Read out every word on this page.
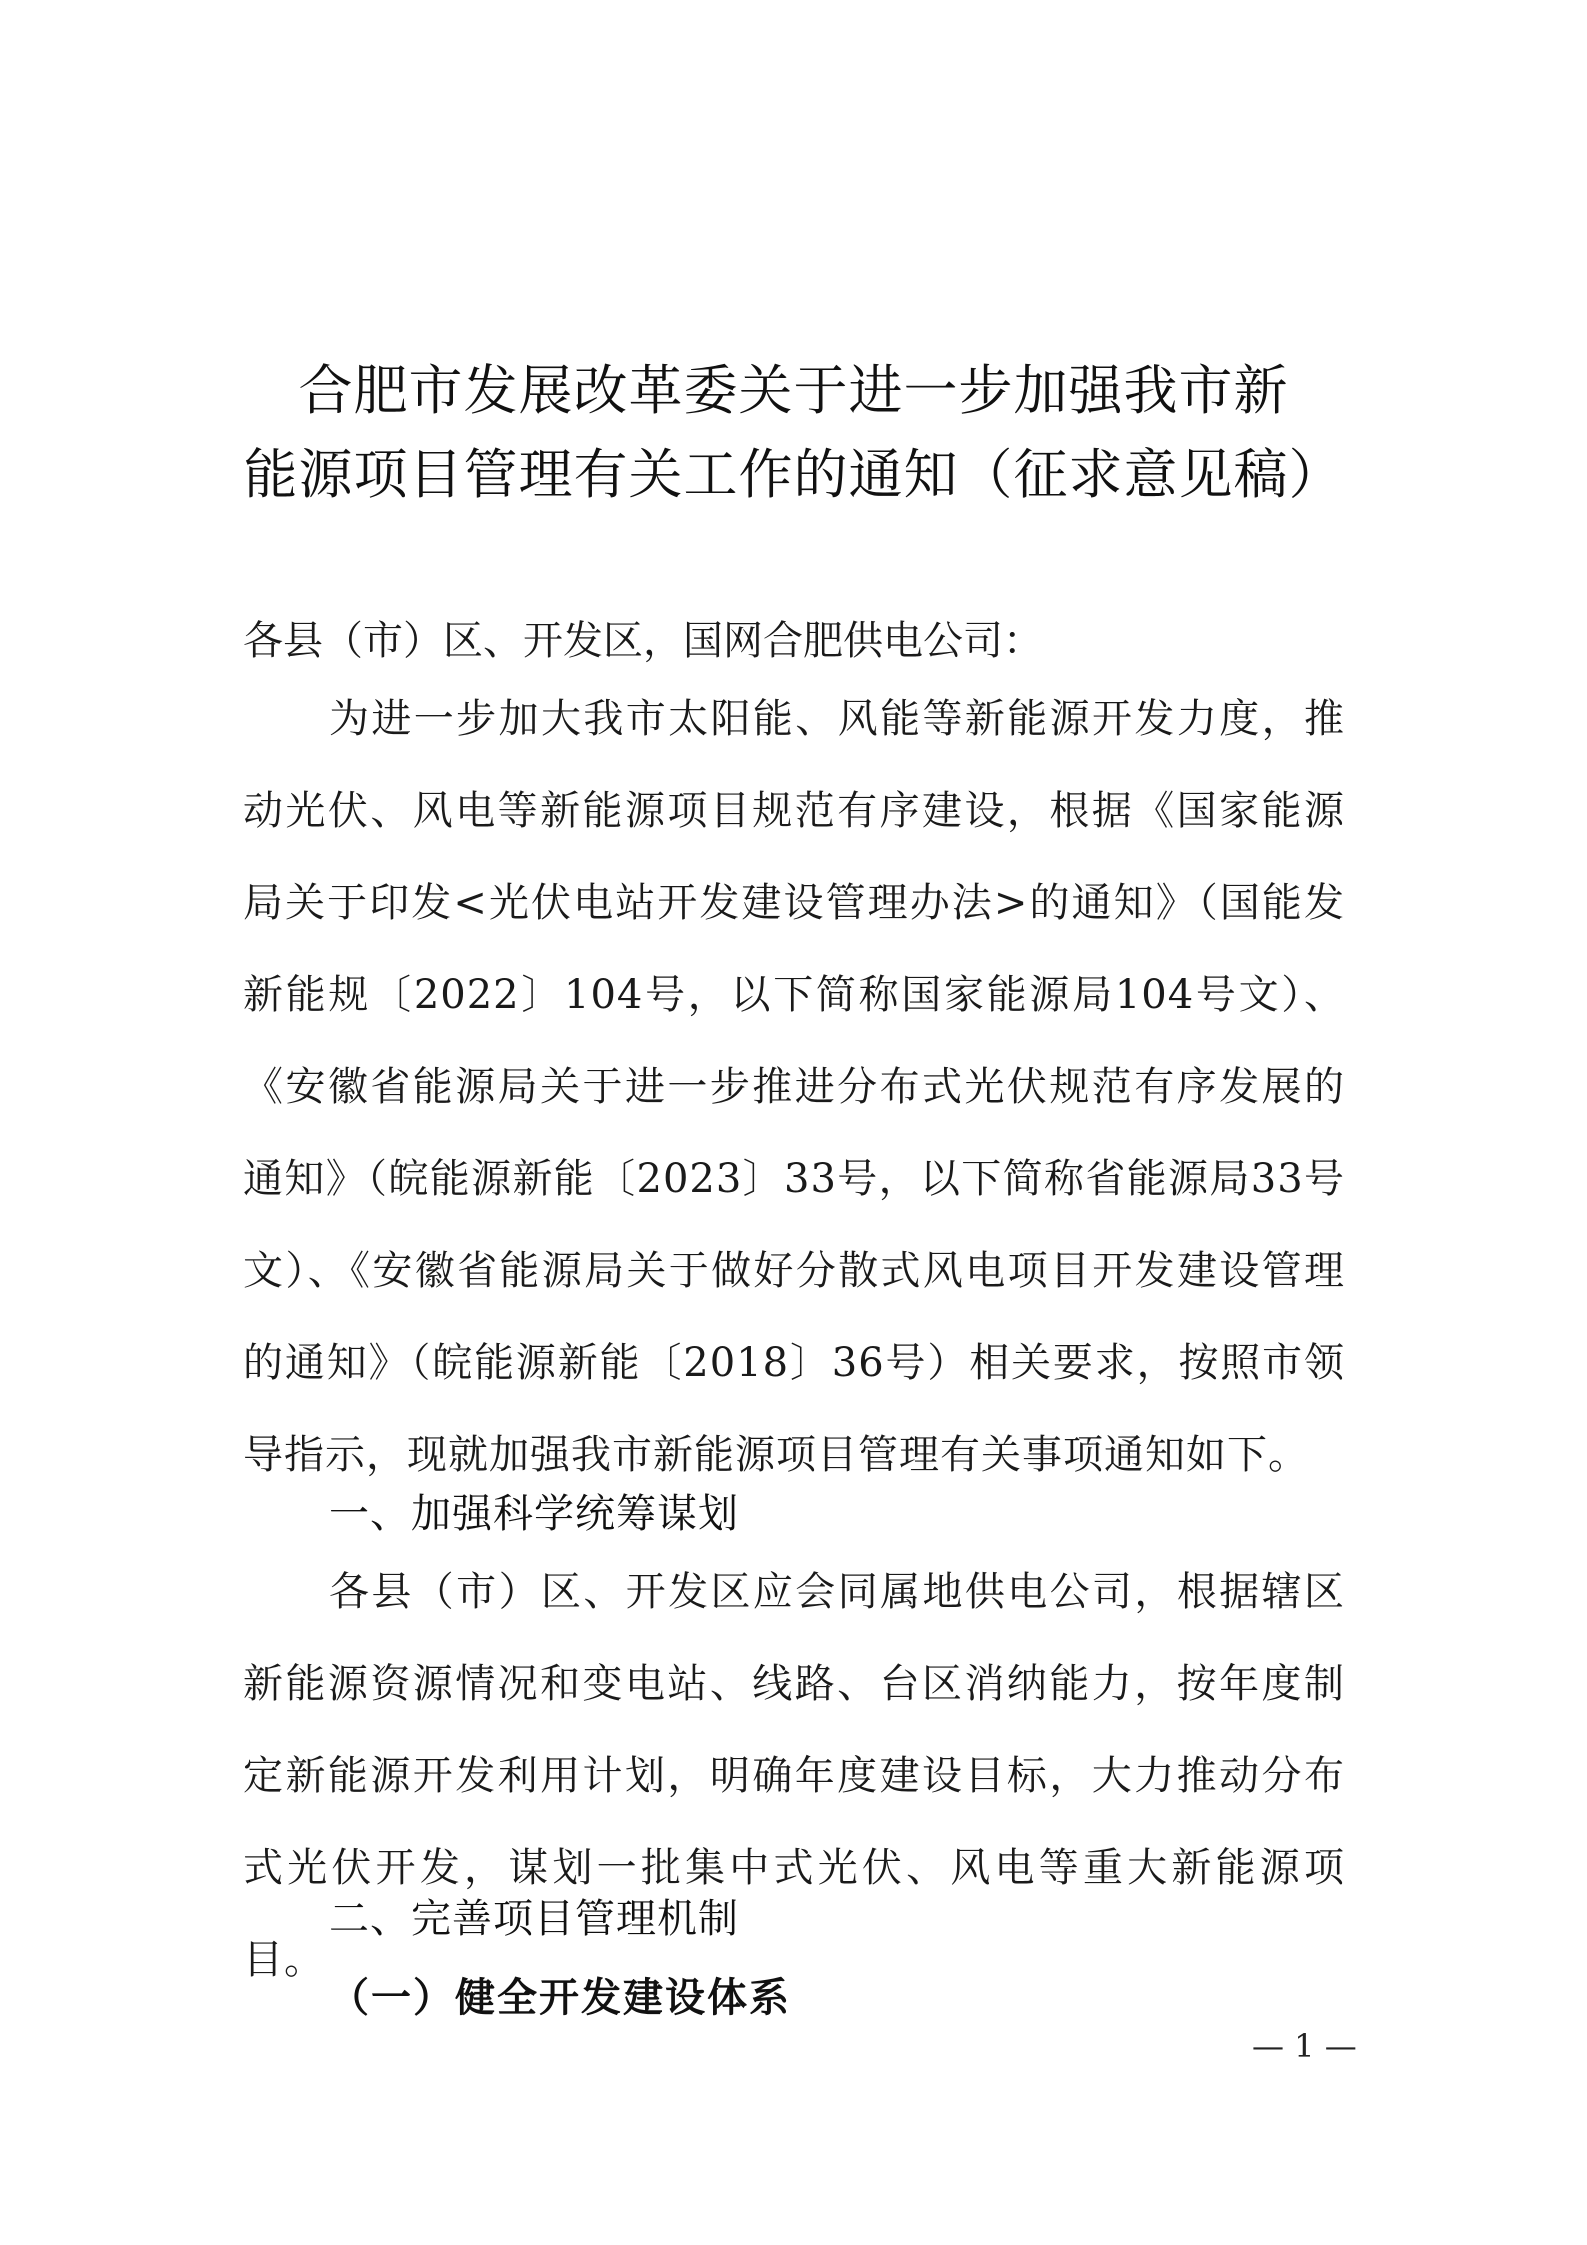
合肥市发展改革委关于进一步加强我市新
能源项目管理有关工作的通知（征求意见稿）
各县（市）区、开发区，国网合肥供电公司：
为进一步加大我市太阳能、风能等新能源开发力度，推动光伏、风电等新能源项目规范有序建设，根据《国家能源局关于印发<光伏电站开发建设管理办法>的通知》（国能发新能规〔2022〕104号，以下简称国家能源局104号文）、《安徽省能源局关于进一步推进分布式光伏规范有序发展的通知》（皖能源新能〔2023〕33号，以下简称省能源局33号文）、《安徽省能源局关于做好分散式风电项目开发建设管理的通知》（皖能源新能〔2018〕36号）相关要求，按照市领导指示，现就加强我市新能源项目管理有关事项通知如下。
一、加强科学统筹谋划
各县（市）区、开发区应会同属地供电公司，根据辖区新能源资源情况和变电站、线路、台区消纳能力，按年度制定新能源开发利用计划，明确年度建设目标，大力推动分布式光伏开发，谋划一批集中式光伏、风电等重大新能源项目。
二、完善项目管理机制
（一）健全开发建设体系
— 1 —
